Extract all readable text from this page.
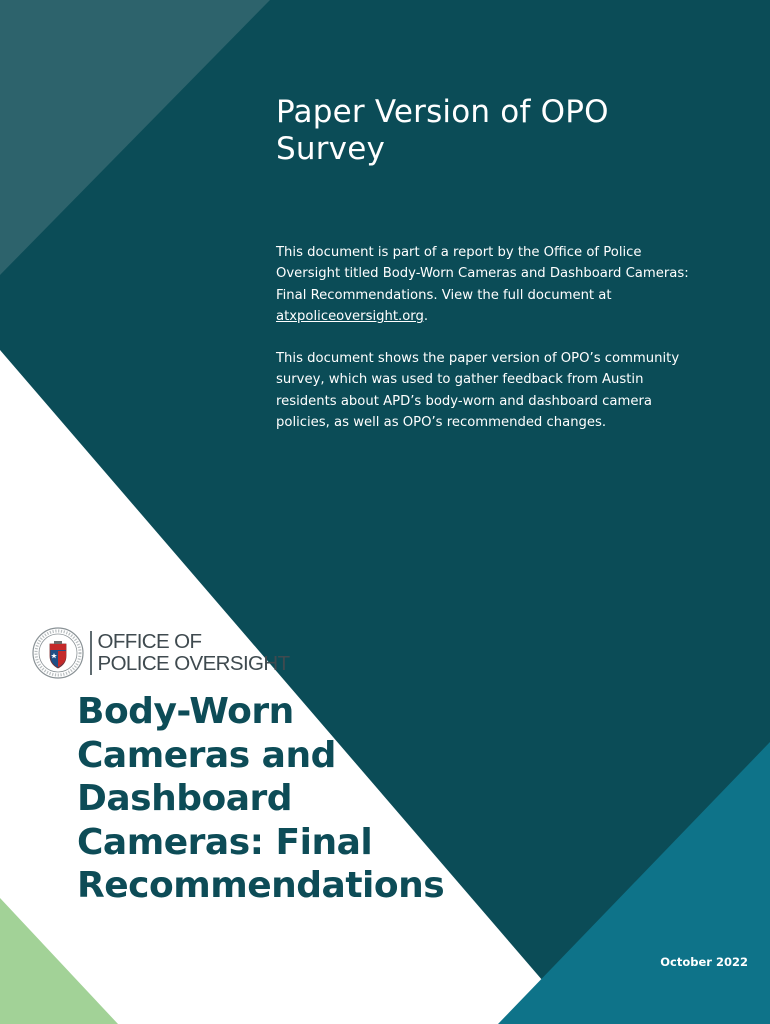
Paper Version of OPO
Survey

This document is part of a report by the Office of Police Oversight titled Body-Worn Cameras and Dashboard Cameras: Final Recommendations. View the full document at atxpoliceoversight.org.

This document shows the paper version of OPO’s community survey, which was used to gather feedback from Austin residents about APD’s body-worn and dashboard camera policies, as well as OPO’s recommended changes.

OFFICE OF
POLICE OVERSIGHT
Body-Worn
Cameras and
Dashboard
Cameras: Final
Recommendations
October 2022
